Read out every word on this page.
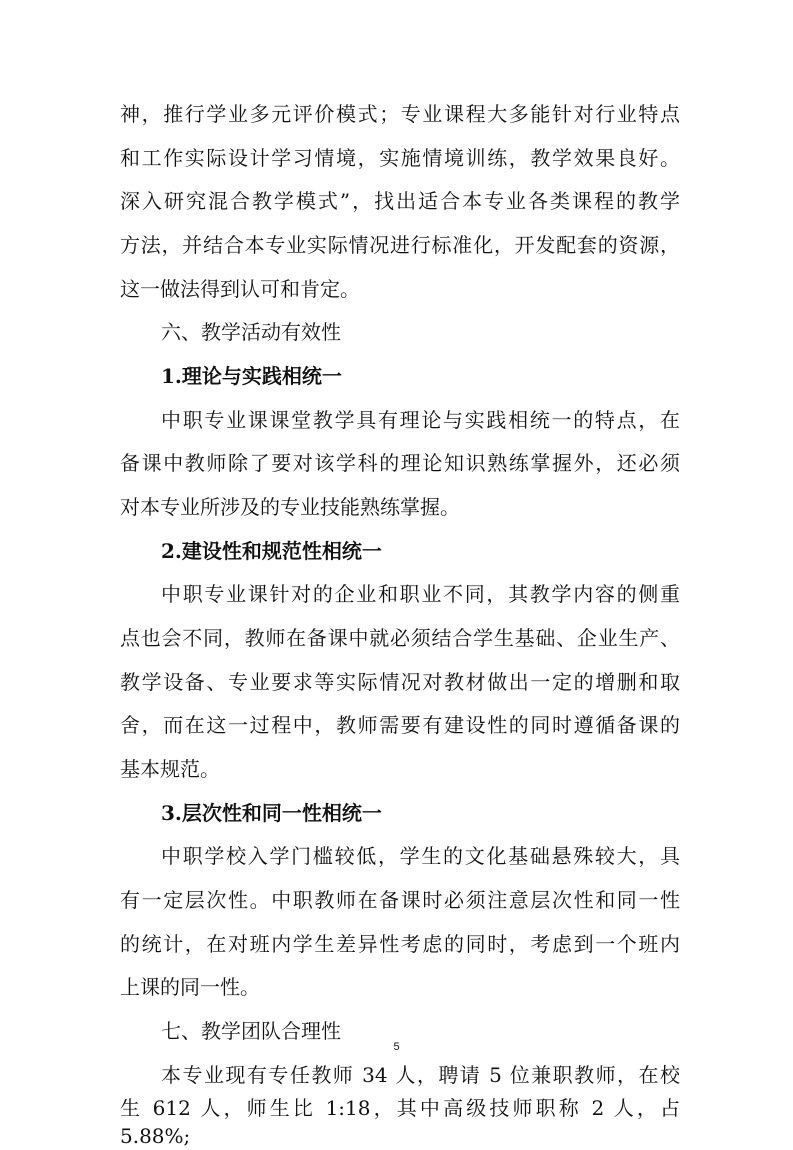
神，推行学业多元评价模式；专业课程大多能针对行业特点
和工作实际设计学习情境，实施情境训练，教学效果良好。
深入研究混合教学模式”，找出适合本专业各类课程的教学
方法，并结合本专业实际情况进行标准化，开发配套的资源，
这一做法得到认可和肯定。
六、教学活动有效性
1.理论与实践相统一
中职专业课课堂教学具有理论与实践相统一的特点，在
备课中教师除了要对该学科的理论知识熟练掌握外，还必须
对本专业所涉及的专业技能熟练掌握。
2.建设性和规范性相统一
中职专业课针对的企业和职业不同，其教学内容的侧重
点也会不同，教师在备课中就必须结合学生基础、企业生产、
教学设备、专业要求等实际情况对教材做出一定的增删和取
舍，而在这一过程中，教师需要有建设性的同时遵循备课的
基本规范。
3.层次性和同一性相统一
中职学校入学门槛较低，学生的文化基础悬殊较大，具
有一定层次性。中职教师在备课时必须注意层次性和同一性
的统计，在对班内学生差异性考虑的同时，考虑到一个班内
上课的同一性。
七、教学团队合理性
本专业现有专任教师 34 人，聘请 5 位兼职教师，在校
生 612 人，师生比 1:18，其中高级技师职称 2 人，占 5.88%;
5
